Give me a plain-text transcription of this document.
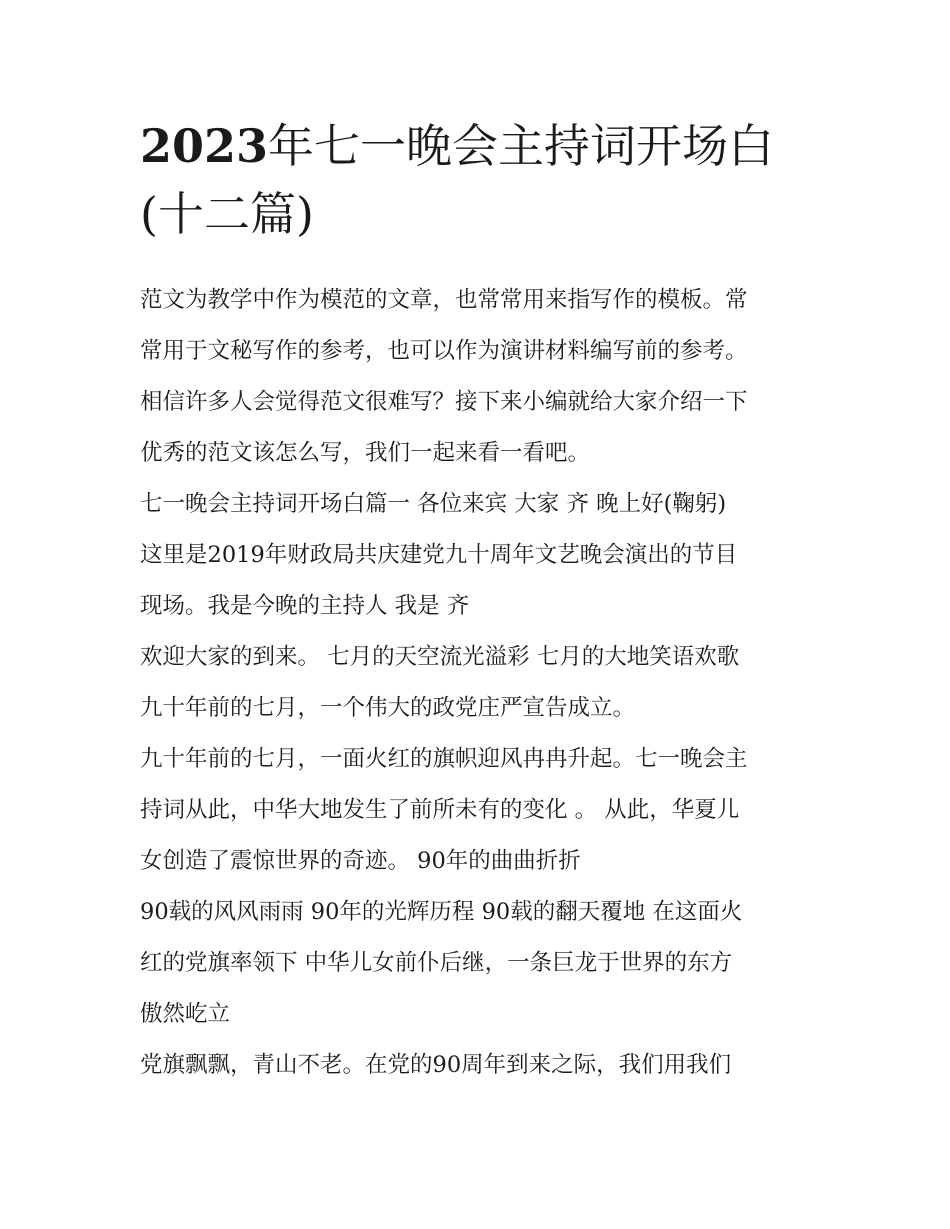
2023年七一晚会主持词开场白
(十二篇)
范文为教学中作为模范的文章，也常常用来指写作的模板。常
常用于文秘写作的参考，也可以作为演讲材料编写前的参考。
相信许多人会觉得范文很难写？接下来小编就给大家介绍一下
优秀的范文该怎么写，我们一起来看一看吧。
七一晚会主持词开场白篇一 各位来宾 大家 齐 晚上好(鞠躬)
这里是2019年财政局共庆建党九十周年文艺晚会演出的节目
现场。我是今晚的主持人 我是 齐
欢迎大家的到来。 七月的天空流光溢彩 七月的大地笑语欢歌
九十年前的七月，一个伟大的政党庄严宣告成立。
九十年前的七月，一面火红的旗帜迎风冉冉升起。七一晚会主
持词从此，中华大地发生了前所未有的变化 。 从此，华夏儿
女创造了震惊世界的奇迹。 90年的曲曲折折
90载的风风雨雨 90年的光辉历程 90载的翻天覆地 在这面火
红的党旗率领下 中华儿女前仆后继，一条巨龙于世界的东方
傲然屹立
党旗飘飘，青山不老。在党的90周年到来之际，我们用我们
